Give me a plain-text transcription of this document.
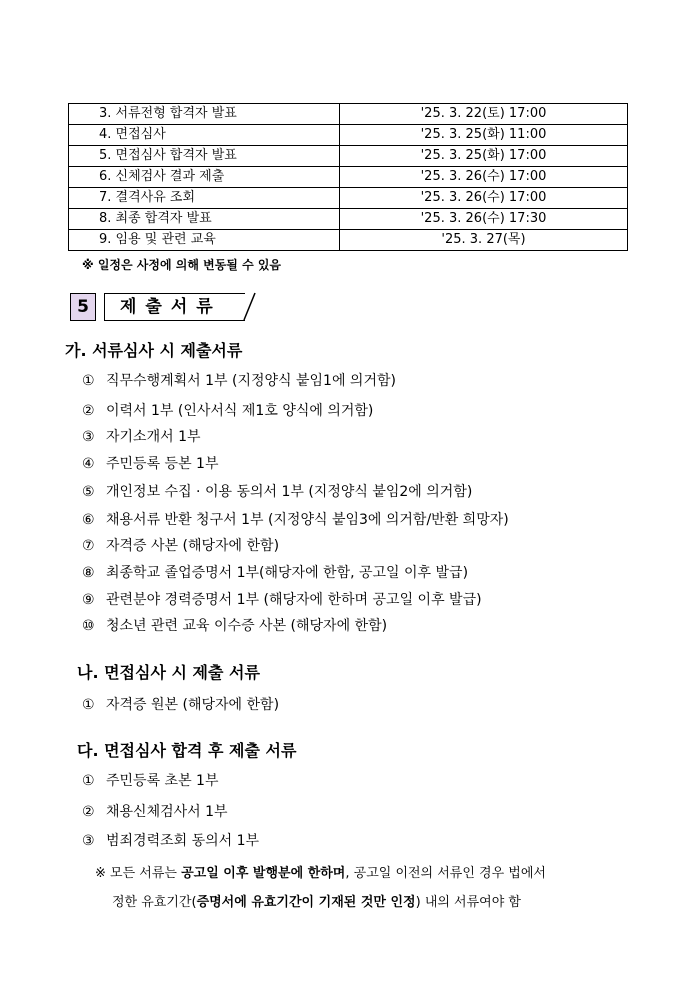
3. 서류전형 합격자 발표	'25. 3. 22(토) 17:00
4. 면접심사	'25. 3. 25(화) 11:00
5. 면접심사 합격자 발표	'25. 3. 25(화) 17:00
6. 신체검사 결과 제출	'25. 3. 26(수) 17:00
7. 결격사유 조회	'25. 3. 26(수) 17:00
8. 최종 합격자 발표	'25. 3. 26(수) 17:30
9. 임용 및 관련 교육	'25. 3. 27(목)
※ 일정은 사정에 의해 변동될 수 있음
5	제출서류
가. 서류심사 시 제출서류
① 직무수행계획서 1부 (지정양식 붙임1에 의거함)
② 이력서 1부 (인사서식 제1호 양식에 의거함)
③ 자기소개서 1부
④ 주민등록 등본 1부
⑤ 개인정보 수집 · 이용 동의서 1부 (지정양식 붙임2에 의거함)
⑥ 채용서류 반환 청구서 1부 (지정양식 붙임3에 의거함/반환 희망자)
⑦ 자격증 사본 (해당자에 한함)
⑧ 최종학교 졸업증명서 1부(해당자에 한함, 공고일 이후 발급)
⑨ 관련분야 경력증명서 1부 (해당자에 한하며 공고일 이후 발급)
⑩ 청소년 관련 교육 이수증 사본 (해당자에 한함)
나. 면접심사 시 제출 서류
① 자격증 원본 (해당자에 한함)
다. 면접심사 합격 후 제출 서류
① 주민등록 초본 1부
② 채용신체검사서 1부
③ 범죄경력조회 동의서 1부
※ 모든 서류는 공고일 이후 발행분에 한하며, 공고일 이전의 서류인 경우 법에서
정한 유효기간(증명서에 유효기간이 기재된 것만 인정) 내의 서류여야 함
